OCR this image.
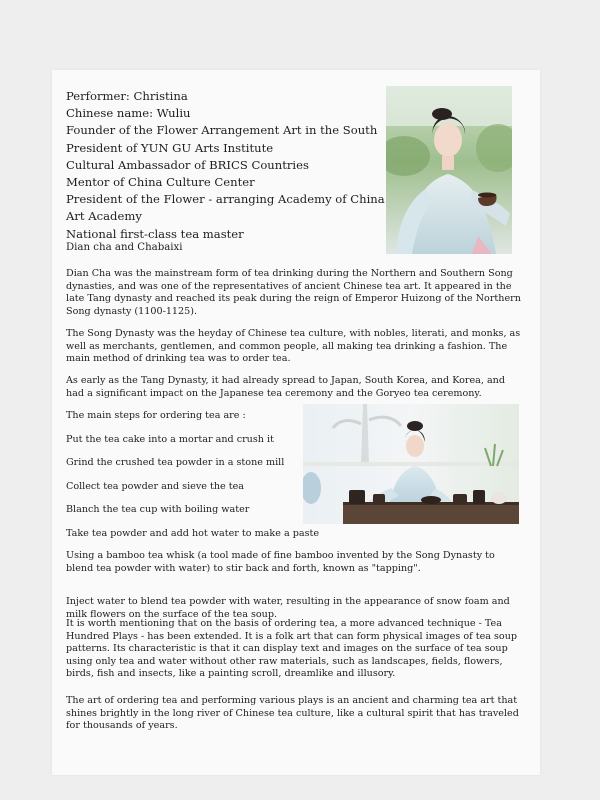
Performer: Christina
Chinese name: Wuliu
Founder of the Flower Arrangement Art in the South
President of YUN GU Arts Institute
Cultural Ambassador of BRICS Countries
Mentor of China Culture Center
President of the Flower - arranging Academy of China
Art Academy
National first-class tea master
Dian cha and Chabaixi

Dian Cha was the mainstream form of tea drinking during the Northern and Southern Song dynasties, and was one of the representatives of ancient Chinese tea art. It appeared in the late Tang dynasty and reached its peak during the reign of Emperor Huizong of the Northern Song dynasty (1100-1125).

The Song Dynasty was the heyday of Chinese tea culture, with nobles, literati, and monks, as well as merchants, gentlemen, and common people, all making tea drinking a fashion. The main method of drinking tea was to order tea.

As early as the Tang Dynasty, it had already spread to Japan, South Korea, and Korea, and had a significant impact on the Japanese tea ceremony and the Goryeo tea ceremony.

The main steps for ordering tea are :

Put the tea cake into a mortar and crush it

Grind the crushed tea powder in a stone mill

Collect tea powder and sieve the tea

Blanch the tea cup with boiling water

Take tea powder and add hot water to make a paste

Using a bamboo tea whisk (a tool made of fine bamboo invented by the Song Dynasty to blend tea powder with water) to stir back and forth, known as "tapping".

Inject water to blend tea powder with water, resulting in the appearance of snow foam and milk flowers on the surface of the tea soup.

It is worth mentioning that on the basis of ordering tea, a more advanced technique - Tea Hundred Plays - has been extended. It is a folk art that can form physical images of tea soup patterns. Its characteristic is that it can display text and images on the surface of tea soup using only tea and water without other raw materials, such as landscapes, fields, flowers, birds, fish and insects, like a painting scroll, dreamlike and illusory.

The art of ordering tea and performing various plays is an ancient and charming tea art that shines brightly in the long river of Chinese tea culture, like a cultural spirit that has traveled for thousands of years.
